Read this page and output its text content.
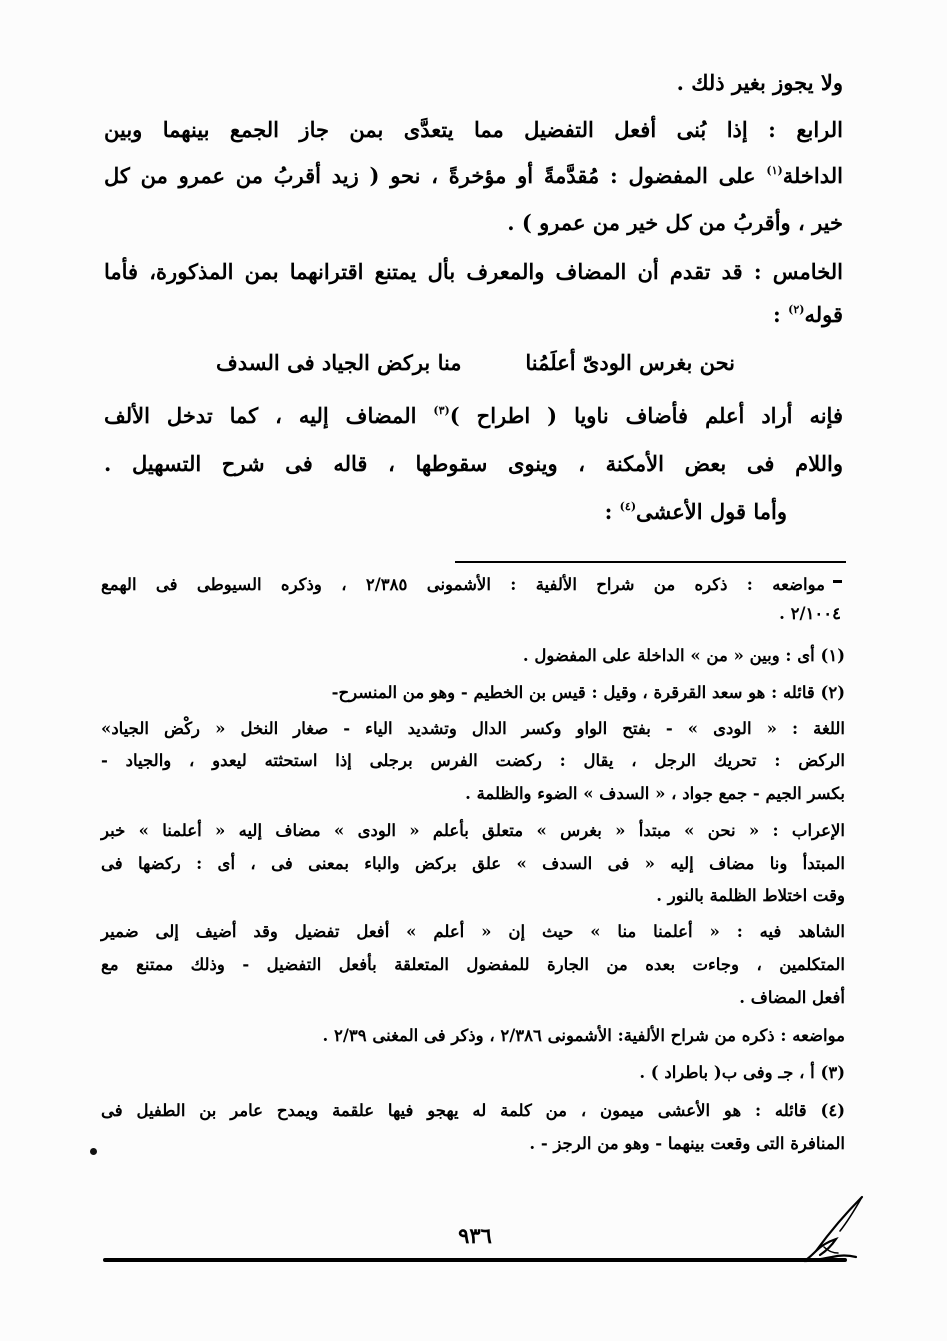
ولا يجوز بغير ذلك .
الرابع : إذا بُنى أفعل التفضيل مما يتعدَّى بمن جاز الجمع بينهما وبين
الداخلة$^{(١)}$ على المفضول : مُقدَّمةً أو مؤخرةً ، نحو ( زيد أقربُ من عمرو من كل
خير ، وأقربُ من كل خير من عمرو ) .
الخامس : قد تقدم أن المضاف والمعرف بأل يمتنع اقترانهما بمن المذكورة، فأما
قوله$^{(٢)}$ :
نحن بغرس الودىّ أعلَمُنا
منا بركض الجياد فى السدف
فإنه أراد أعلم فأضاف ناويا ( اطراح )$^{(٣)}$ المضاف إليه ، كما تدخل الألف
واللام فى بعض الأمكنة ، وينوى سقوطها ، قاله فى شرح التسهيل .
وأما قول الأعشى$^{(٤)}$ :
مواضعه : ذكره من شراح الألفية : الأشمونى ٢/٣٨٥ ، وذكره السيوطى فى الهمع
٢/١٠٠٤ .
(١) أى : وبين « من » الداخلة على المفضول .
(٢) قائله : هو سعد القرقرة ، وقيل : قيس بن الخطيم - وهو من المنسرح-
اللغة : « الودى » - بفتح الواو وكسر الدال وتشديد الياء - صغار النخل « ركْض الجياد»
الركض : تحريك الرجل ، يقال : ركضت الفرس برجلى إذا استحثته ليعدو ، والجياد -
بكسر الجيم - جمع جواد ، « السدف » الضوء والظلمة .
الإعراب : « نحن » مبتدأ « بغرس » متعلق بأعلم « الودى » مضاف إليه « أعلمنا » خبر
المبتدأ ونا مضاف إليه « فى السدف » علق بركض والباء بمعنى فى ، أى : ركضها فى
وقت اختلاط الظلمة بالنور .
الشاهد فيه : « أعلمنا منا » حيث إن « أعلم » أفعل تفضيل وقد أضيف إلى ضمير
المتكلمين ، وجاءت بعده من الجارة للمفضول المتعلقة بأفعل التفضيل - وذلك ممتنع مع
أفعل المضاف .
مواضعه : ذكره من شراح الألفية: الأشمونى ٢/٣٨٦ ، وذكر فى المغنى ٢/٣٩ .
(٣) أ ، جـ وفى ب( باطراد ) .
(٤) قائله : هو الأعشى ميمون ، من كلمة له يهجو فيها علقمة ويمدح عامر بن الطفيل فى
المنافرة التى وقعت بينهما - وهو من الرجز - .
٩٣٦
